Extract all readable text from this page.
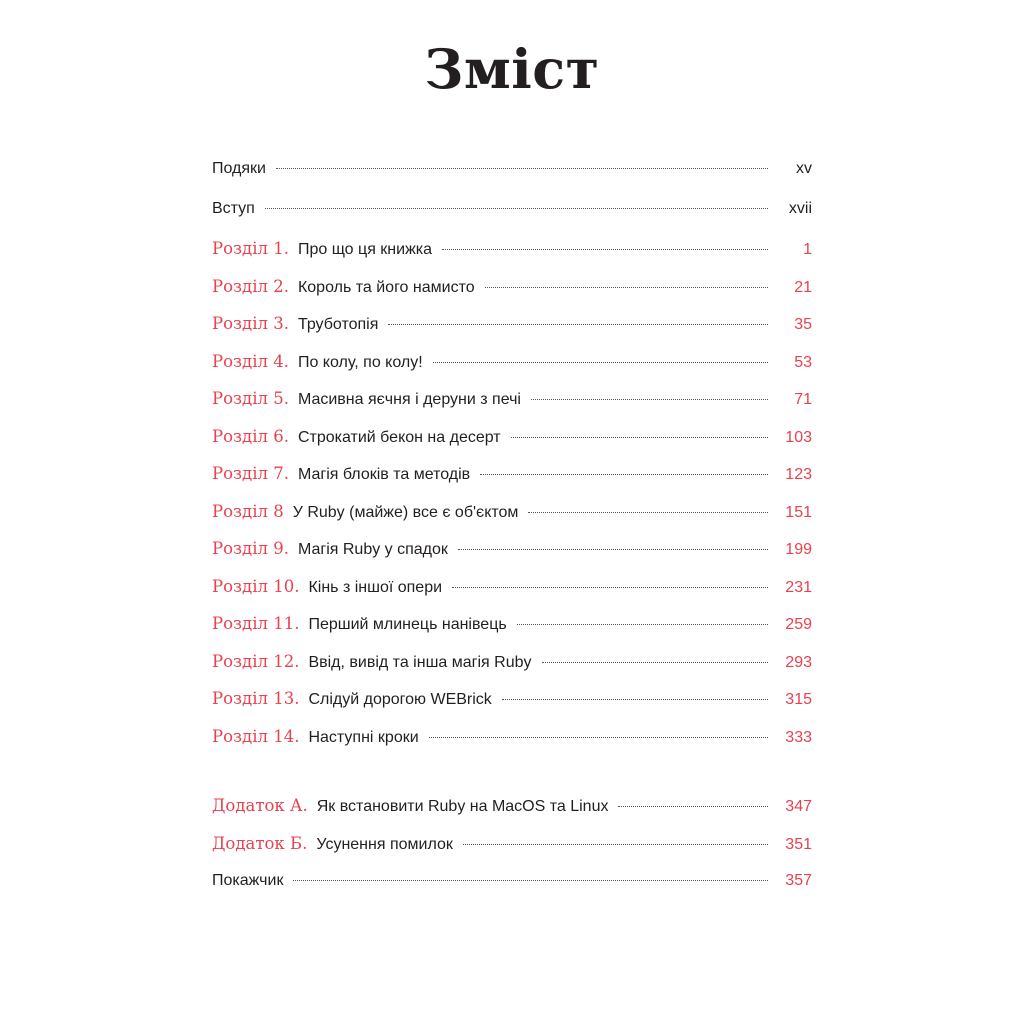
Зміст
Подяки	xv
Вступ	xvii
Розділ 1. Про що ця книжка	1
Розділ 2. Король та його намисто	21
Розділ 3. Труботопія	35
Розділ 4. По колу, по колу!	53
Розділ 5. Масивна яєчня і деруни з печі	71
Розділ 6. Строкатий бекон на десерт	103
Розділ 7. Магія блоків та методів	123
Розділ 8 У Ruby (майже) все є об'єктом	151
Розділ 9. Магія Ruby у спадок	199
Розділ 10. Кінь з іншої опери	231
Розділ 11. Перший млинець нанівець	259
Розділ 12. Ввід, вивід та інша магія Ruby	293
Розділ 13. Слідуй дорогою WEBrick	315
Розділ 14. Наступні кроки	333
Додаток А. Як встановити Ruby на MacOS та Linux	347
Додаток Б. Усунення помилок	351
Покажчик	357
